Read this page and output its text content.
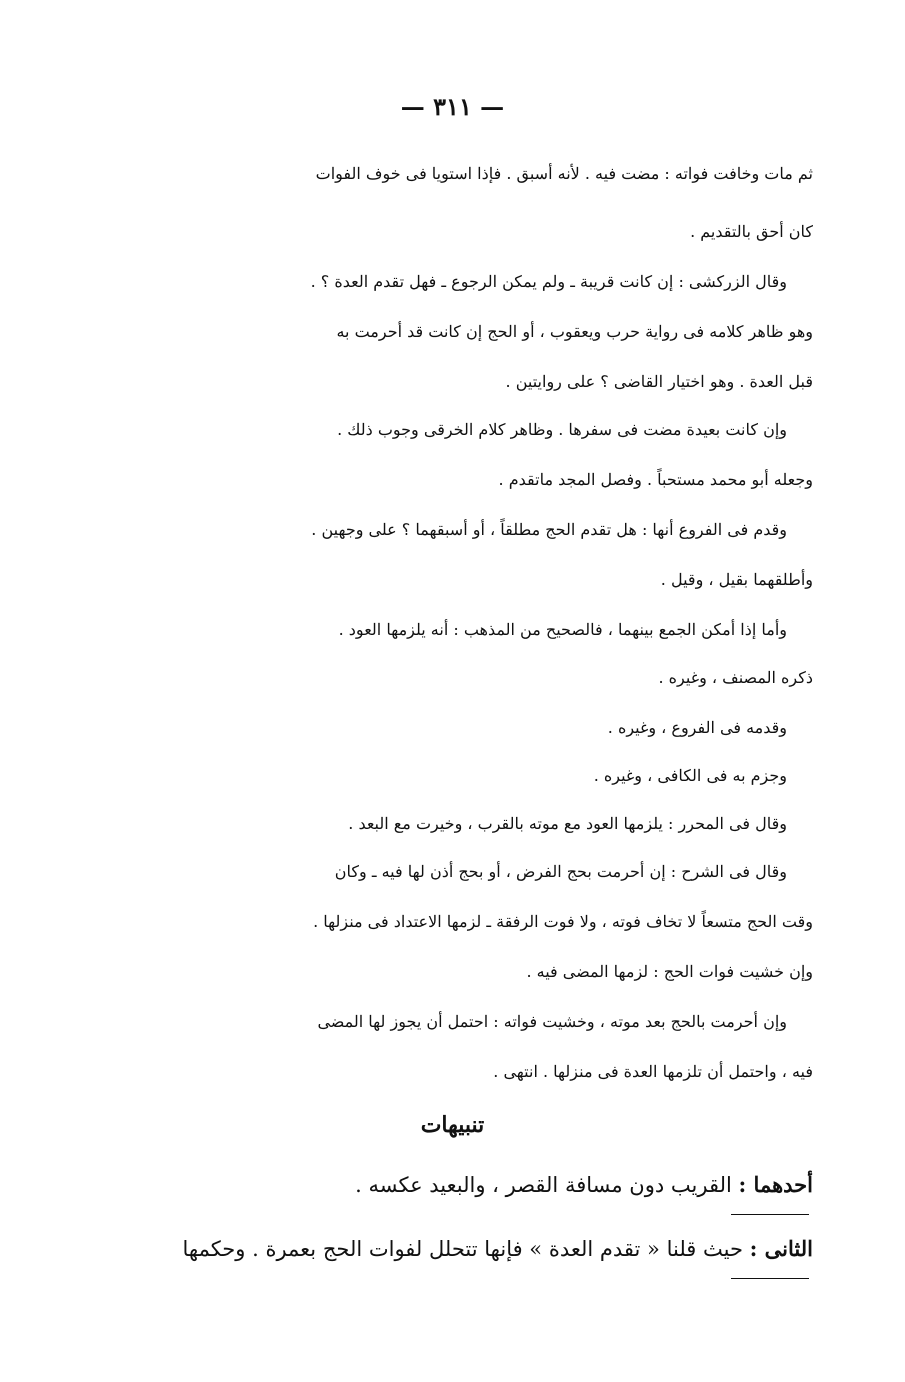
— ٣١١ —
ثم مات وخافت فواته : مضت فيه . لأنه أسبق . فإذا استويا فى خوف الفوات
كان أحق بالتقديم .
وقال الزركشى : إن كانت قريبة ـ ولم يمكن الرجوع ـ فهل تقدم العدة ؟ .
وهو ظاهر كلامه فى رواية حرب ويعقوب ، أو الحج إن كانت قد أحرمت به
قبل العدة . وهو اختيار القاضى ؟ على روايتين .
وإن كانت بعيدة مضت فى سفرها . وظاهر كلام الخرقى وجوب ذلك .
وجعله أبو محمد مستحباً . وفصل المجد ماتقدم .
وقدم فى الفروع أنها : هل تقدم الحج مطلقاً ، أو أسبقهما ؟ على وجهين .
وأطلقهما بقيل ، وقيل .
وأما إذا أمكن الجمع بينهما ، فالصحيح من المذهب : أنه يلزمها العود .
ذكره المصنف ، وغيره .
وقدمه فى الفروع ، وغيره .
وجزم به فى الكافى ، وغيره .
وقال فى المحرر : يلزمها العود مع موته بالقرب ، وخيرت مع البعد .
وقال فى الشرح : إن أحرمت بحج الفرض ، أو بحج أذن لها فيه ـ وكان
وقت الحج متسعاً لا تخاف فوته ، ولا فوت الرفقة ـ لزمها الاعتداد فى منزلها .
وإن خشيت فوات الحج : لزمها المضى فيه .
وإن أحرمت بالحج بعد موته ، وخشيت فواته : احتمل أن يجوز لها المضى
فيه ، واحتمل أن تلزمها العدة فى منزلها . انتهى .
تنبيهات
أحدهما : القريب دون مسافة القصر ، والبعيد عكسه .
الثانى : حيث قلنا « تقدم العدة » فإنها تتحلل لفوات الحج بعمرة . وحكمها
